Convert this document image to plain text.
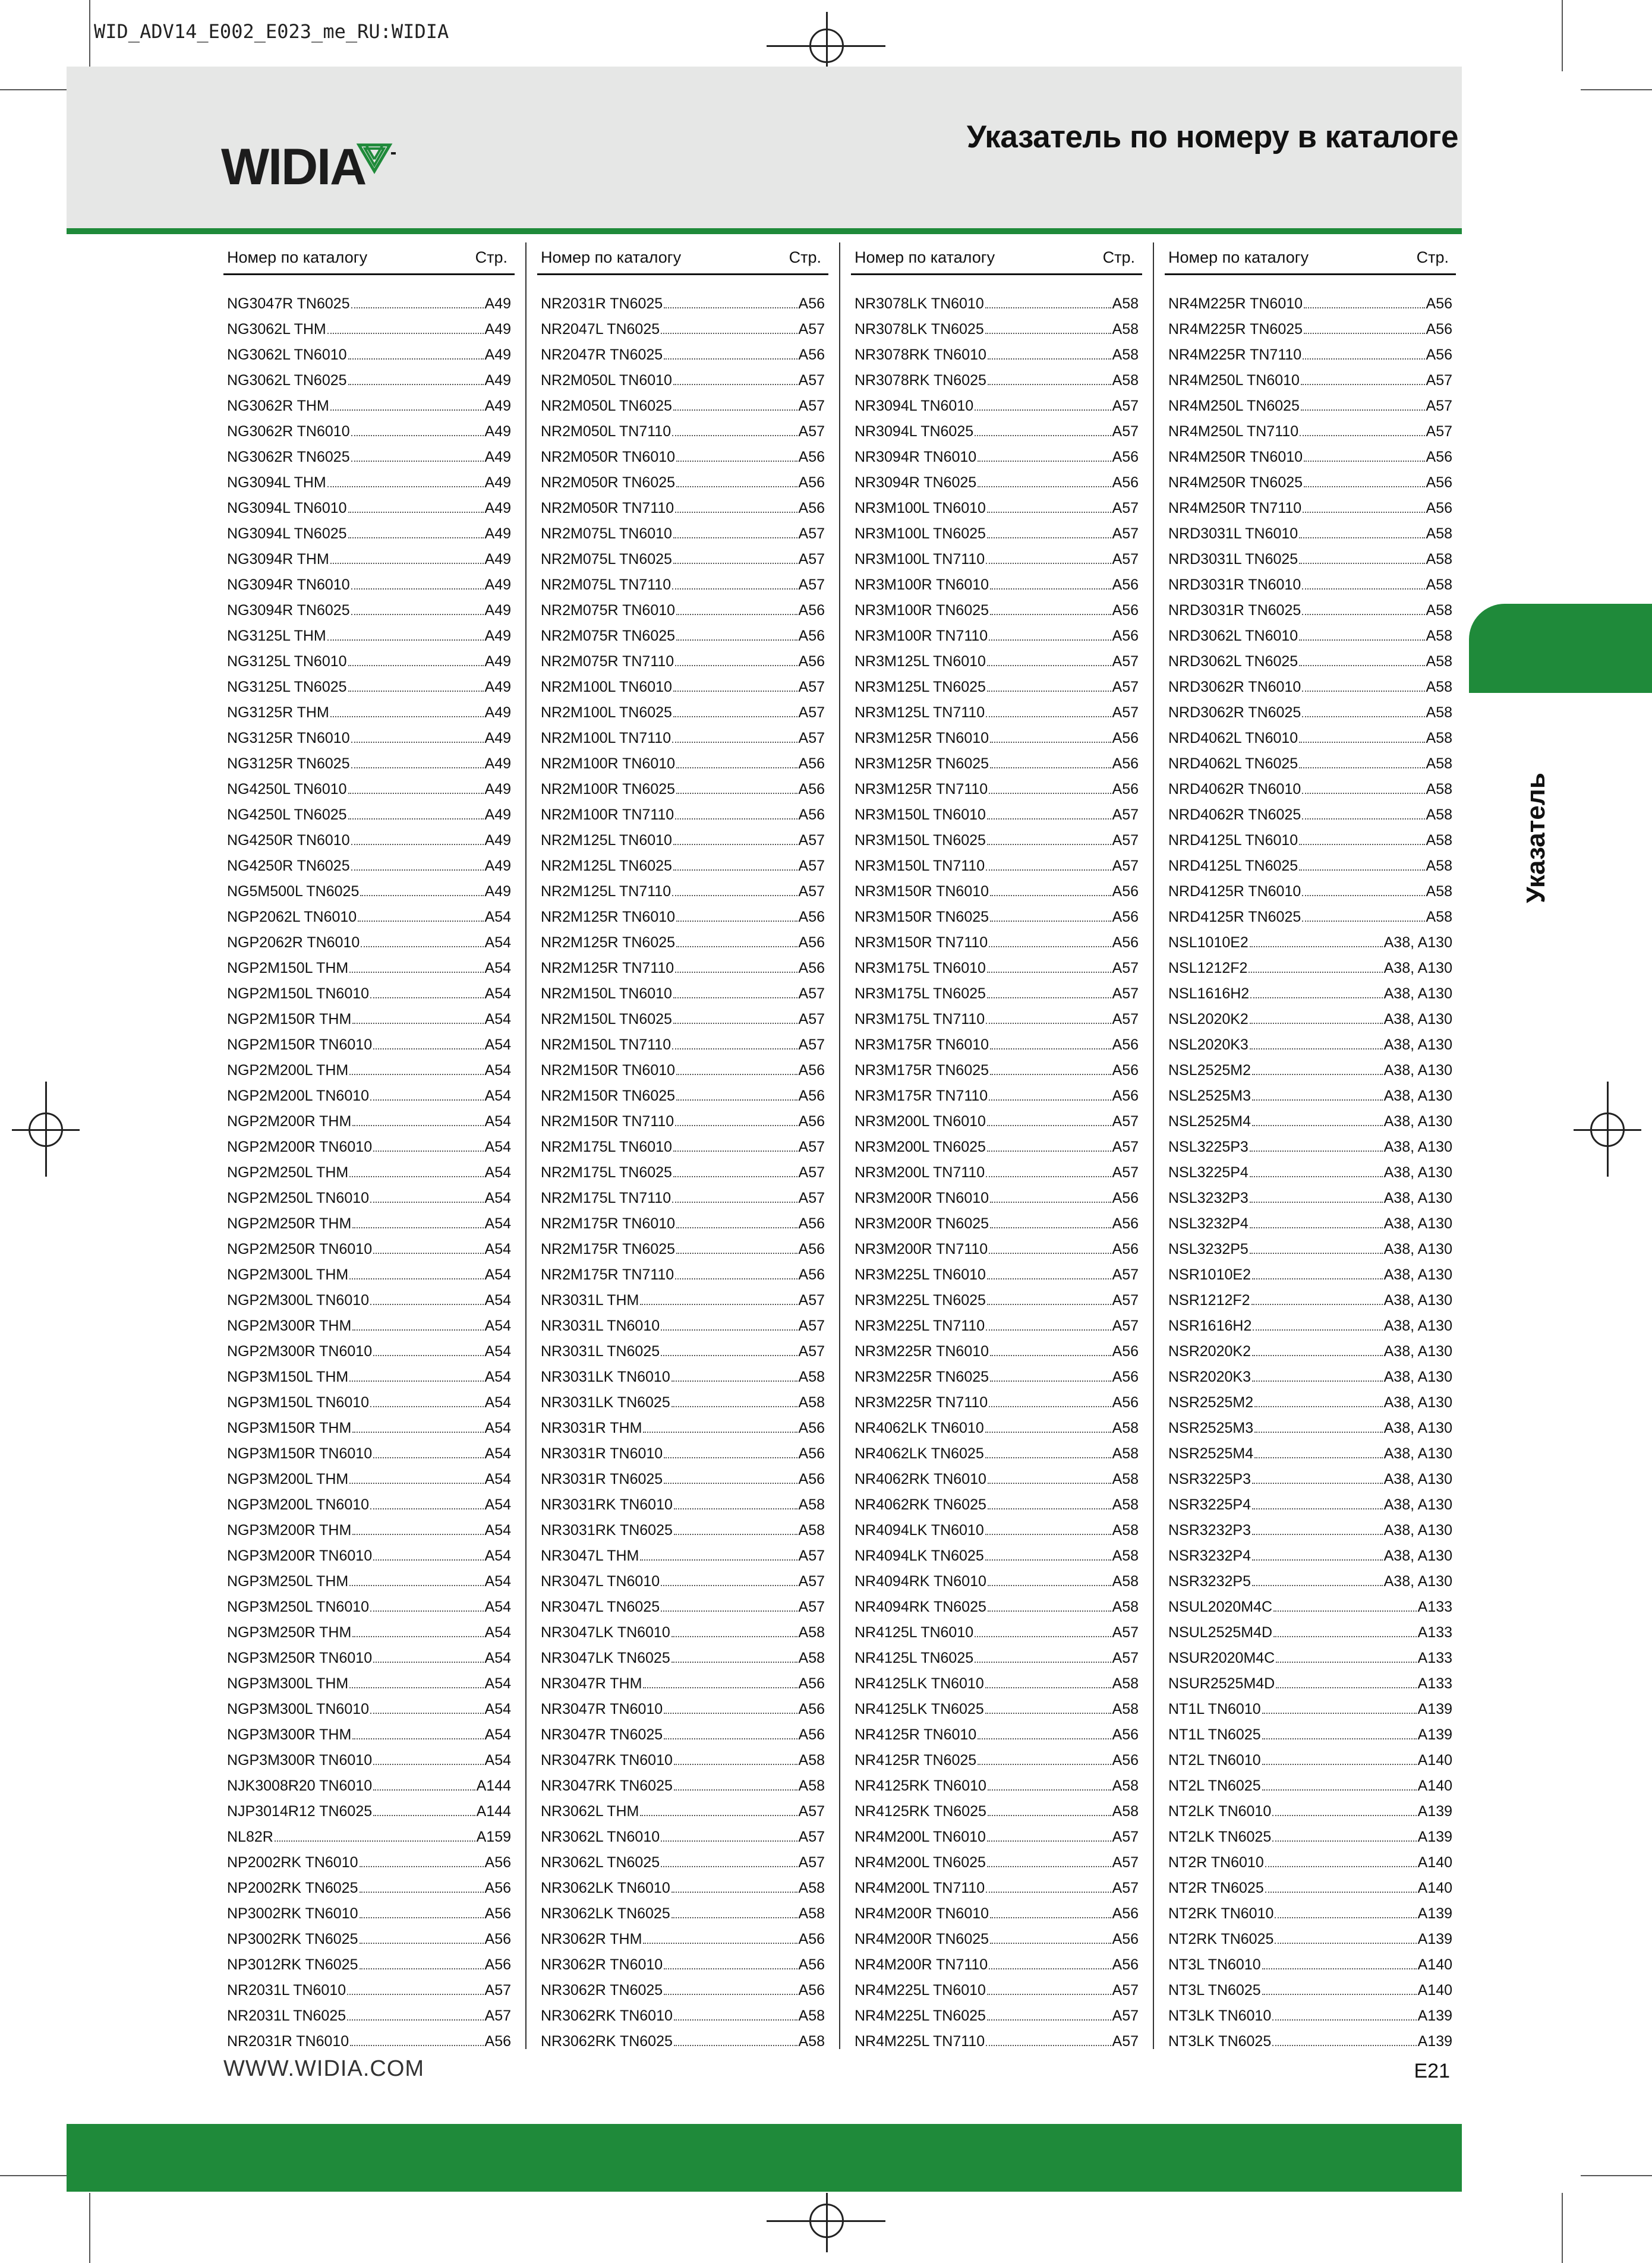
WID_ADV14_E002_E023_me_RU:WIDIA
WIDIA
Указатель по номеру в каталоге
Номер по каталогу	Стр.
NG3047R TN6025	A49
NG3062L THM	A49
NG3062L TN6010	A49
NG3062L TN6025	A49
NG3062R THM	A49
NG3062R TN6010	A49
NG3062R TN6025	A49
NG3094L THM	A49
NG3094L TN6010	A49
NG3094L TN6025	A49
NG3094R THM	A49
NG3094R TN6010	A49
NG3094R TN6025	A49
NG3125L THM	A49
NG3125L TN6010	A49
NG3125L TN6025	A49
NG3125R THM	A49
NG3125R TN6010	A49
NG3125R TN6025	A49
NG4250L TN6010	A49
NG4250L TN6025	A49
NG4250R TN6010	A49
NG4250R TN6025	A49
NG5M500L TN6025	A49
NGP2062L TN6010	A54
NGP2062R TN6010	A54
NGP2M150L THM	A54
NGP2M150L TN6010	A54
NGP2M150R THM	A54
NGP2M150R TN6010	A54
NGP2M200L THM	A54
NGP2M200L TN6010	A54
NGP2M200R THM	A54
NGP2M200R TN6010	A54
NGP2M250L THM	A54
NGP2M250L TN6010	A54
NGP2M250R THM	A54
NGP2M250R TN6010	A54
NGP2M300L THM	A54
NGP2M300L TN6010	A54
NGP2M300R THM	A54
NGP2M300R TN6010	A54
NGP3M150L THM	A54
NGP3M150L TN6010	A54
NGP3M150R THM	A54
NGP3M150R TN6010	A54
NGP3M200L THM	A54
NGP3M200L TN6010	A54
NGP3M200R THM	A54
NGP3M200R TN6010	A54
NGP3M250L THM	A54
NGP3M250L TN6010	A54
NGP3M250R THM	A54
NGP3M250R TN6010	A54
NGP3M300L THM	A54
NGP3M300L TN6010	A54
NGP3M300R THM	A54
NGP3M300R TN6010	A54
NJK3008R20 TN6010	A144
NJP3014R12 TN6025	A144
NL82R	A159
NP2002RK TN6010	A56
NP2002RK TN6025	A56
NP3002RK TN6010	A56
NP3002RK TN6025	A56
NP3012RK TN6025	A56
NR2031L TN6010	A57
NR2031L TN6025	A57
NR2031R TN6010	A56
Номер по каталогу	Стр.
NR2031R TN6025	A56
NR2047L TN6025	A57
NR2047R TN6025	A56
NR2M050L TN6010	A57
NR2M050L TN6025	A57
NR2M050L TN7110	A57
NR2M050R TN6010	A56
NR2M050R TN6025	A56
NR2M050R TN7110	A56
NR2M075L TN6010	A57
NR2M075L TN6025	A57
NR2M075L TN7110	A57
NR2M075R TN6010	A56
NR2M075R TN6025	A56
NR2M075R TN7110	A56
NR2M100L TN6010	A57
NR2M100L TN6025	A57
NR2M100L TN7110	A57
NR2M100R TN6010	A56
NR2M100R TN6025	A56
NR2M100R TN7110	A56
NR2M125L TN6010	A57
NR2M125L TN6025	A57
NR2M125L TN7110	A57
NR2M125R TN6010	A56
NR2M125R TN6025	A56
NR2M125R TN7110	A56
NR2M150L TN6010	A57
NR2M150L TN6025	A57
NR2M150L TN7110	A57
NR2M150R TN6010	A56
NR2M150R TN6025	A56
NR2M150R TN7110	A56
NR2M175L TN6010	A57
NR2M175L TN6025	A57
NR2M175L TN7110	A57
NR2M175R TN6010	A56
NR2M175R TN6025	A56
NR2M175R TN7110	A56
NR3031L THM	A57
NR3031L TN6010	A57
NR3031L TN6025	A57
NR3031LK TN6010	A58
NR3031LK TN6025	A58
NR3031R THM	A56
NR3031R TN6010	A56
NR3031R TN6025	A56
NR3031RK TN6010	A58
NR3031RK TN6025	A58
NR3047L THM	A57
NR3047L TN6010	A57
NR3047L TN6025	A57
NR3047LK TN6010	A58
NR3047LK TN6025	A58
NR3047R THM	A56
NR3047R TN6010	A56
NR3047R TN6025	A56
NR3047RK TN6010	A58
NR3047RK TN6025	A58
NR3062L THM	A57
NR3062L TN6010	A57
NR3062L TN6025	A57
NR3062LK TN6010	A58
NR3062LK TN6025	A58
NR3062R THM	A56
NR3062R TN6010	A56
NR3062R TN6025	A56
NR3062RK TN6010	A58
NR3062RK TN6025	A58
Номер по каталогу	Стр.
NR3078LK TN6010	A58
NR3078LK TN6025	A58
NR3078RK TN6010	A58
NR3078RK TN6025	A58
NR3094L TN6010	A57
NR3094L TN6025	A57
NR3094R TN6010	A56
NR3094R TN6025	A56
NR3M100L TN6010	A57
NR3M100L TN6025	A57
NR3M100L TN7110	A57
NR3M100R TN6010	A56
NR3M100R TN6025	A56
NR3M100R TN7110	A56
NR3M125L TN6010	A57
NR3M125L TN6025	A57
NR3M125L TN7110	A57
NR3M125R TN6010	A56
NR3M125R TN6025	A56
NR3M125R TN7110	A56
NR3M150L TN6010	A57
NR3M150L TN6025	A57
NR3M150L TN7110	A57
NR3M150R TN6010	A56
NR3M150R TN6025	A56
NR3M150R TN7110	A56
NR3M175L TN6010	A57
NR3M175L TN6025	A57
NR3M175L TN7110	A57
NR3M175R TN6010	A56
NR3M175R TN6025	A56
NR3M175R TN7110	A56
NR3M200L TN6010	A57
NR3M200L TN6025	A57
NR3M200L TN7110	A57
NR3M200R TN6010	A56
NR3M200R TN6025	A56
NR3M200R TN7110	A56
NR3M225L TN6010	A57
NR3M225L TN6025	A57
NR3M225L TN7110	A57
NR3M225R TN6010	A56
NR3M225R TN6025	A56
NR3M225R TN7110	A56
NR4062LK TN6010	A58
NR4062LK TN6025	A58
NR4062RK TN6010	A58
NR4062RK TN6025	A58
NR4094LK TN6010	A58
NR4094LK TN6025	A58
NR4094RK TN6010	A58
NR4094RK TN6025	A58
NR4125L TN6010	A57
NR4125L TN6025	A57
NR4125LK TN6010	A58
NR4125LK TN6025	A58
NR4125R TN6010	A56
NR4125R TN6025	A56
NR4125RK TN6010	A58
NR4125RK TN6025	A58
NR4M200L TN6010	A57
NR4M200L TN6025	A57
NR4M200L TN7110	A57
NR4M200R TN6010	A56
NR4M200R TN6025	A56
NR4M200R TN7110	A56
NR4M225L TN6010	A57
NR4M225L TN6025	A57
NR4M225L TN7110	A57
Номер по каталогу	Стр.
NR4M225R TN6010	A56
NR4M225R TN6025	A56
NR4M225R TN7110	A56
NR4M250L TN6010	A57
NR4M250L TN6025	A57
NR4M250L TN7110	A57
NR4M250R TN6010	A56
NR4M250R TN6025	A56
NR4M250R TN7110	A56
NRD3031L TN6010	A58
NRD3031L TN6025	A58
NRD3031R TN6010	A58
NRD3031R TN6025	A58
NRD3062L TN6010	A58
NRD3062L TN6025	A58
NRD3062R TN6010	A58
NRD3062R TN6025	A58
NRD4062L TN6010	A58
NRD4062L TN6025	A58
NRD4062R TN6010	A58
NRD4062R TN6025	A58
NRD4125L TN6010	A58
NRD4125L TN6025	A58
NRD4125R TN6010	A58
NRD4125R TN6025	A58
NSL1010E2	A38, A130
NSL1212F2	A38, A130
NSL1616H2	A38, A130
NSL2020K2	A38, A130
NSL2020K3	A38, A130
NSL2525M2	A38, A130
NSL2525M3	A38, A130
NSL2525M4	A38, A130
NSL3225P3	A38, A130
NSL3225P4	A38, A130
NSL3232P3	A38, A130
NSL3232P4	A38, A130
NSL3232P5	A38, A130
NSR1010E2	A38, A130
NSR1212F2	A38, A130
NSR1616H2	A38, A130
NSR2020K2	A38, A130
NSR2020K3	A38, A130
NSR2525M2	A38, A130
NSR2525M3	A38, A130
NSR2525M4	A38, A130
NSR3225P3	A38, A130
NSR3225P4	A38, A130
NSR3232P3	A38, A130
NSR3232P4	A38, A130
NSR3232P5	A38, A130
NSUL2020M4C	A133
NSUL2525M4D	A133
NSUR2020M4C	A133
NSUR2525M4D	A133
NT1L TN6010	A139
NT1L TN6025	A139
NT2L TN6010	A140
NT2L TN6025	A140
NT2LK TN6010	A139
NT2LK TN6025	A139
NT2R TN6010	A140
NT2R TN6025	A140
NT2RK TN6010	A139
NT2RK TN6025	A139
NT3L TN6010	A140
NT3L TN6025	A140
NT3LK TN6010	A139
NT3LK TN6025	A139
Указатель
WWW.WIDIA.COM	E21
